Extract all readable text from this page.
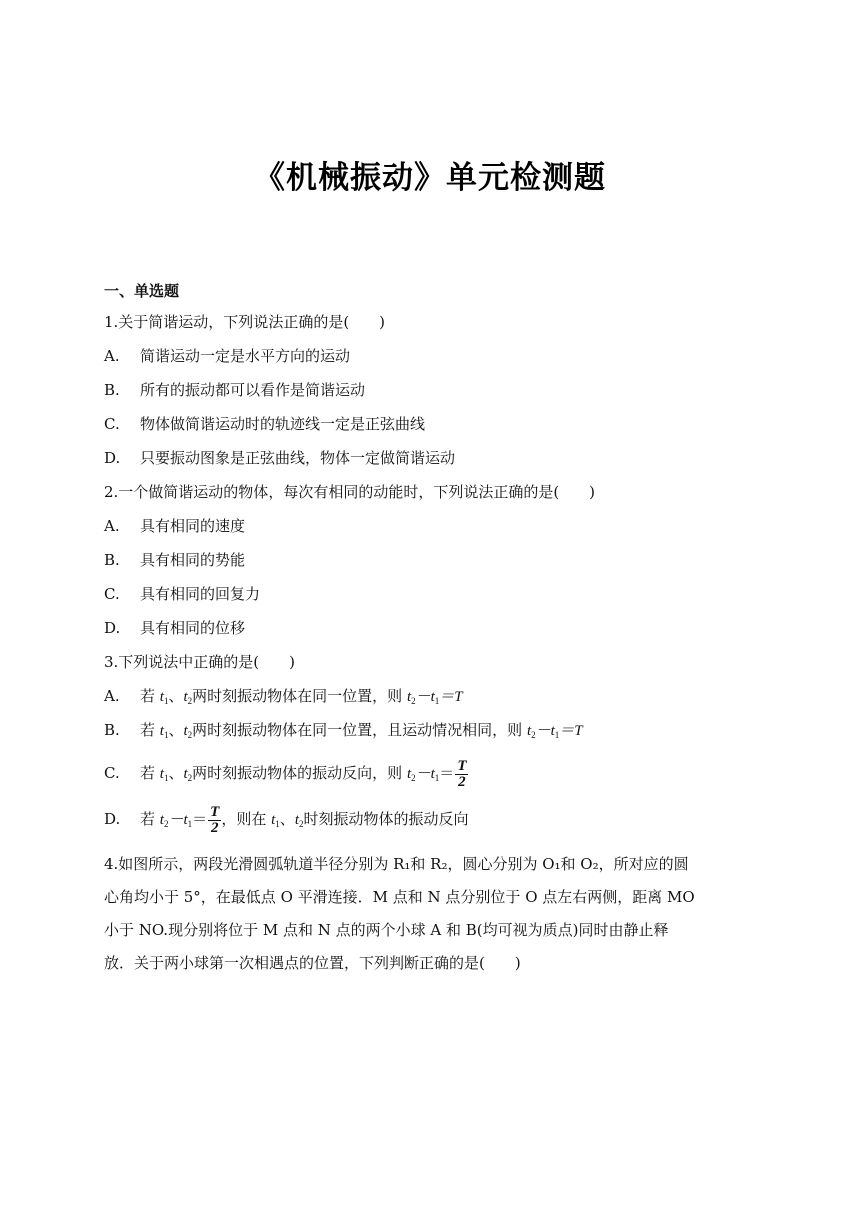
《机械振动》单元检测题
一、单选题
1.关于简谐运动，下列说法正确的是(　　)
A. 简谐运动一定是水平方向的运动
B. 所有的振动都可以看作是简谐运动
C. 物体做简谐运动时的轨迹线一定是正弦曲线
D. 只要振动图象是正弦曲线，物体一定做简谐运动
2.一个做简谐运动的物体，每次有相同的动能时，下列说法正确的是(　　)
A. 具有相同的速度
B. 具有相同的势能
C. 具有相同的回复力
D. 具有相同的位移
3.下列说法中正确的是(　　)
A. 若 $t_1$、$t_2$两时刻振动物体在同一位置，则 $t_2-t_1=T$
B. 若 $t_1$、$t_2$两时刻振动物体在同一位置，且运动情况相同，则 $t_2-t_1=T$
C. 若 $t_1$、$t_2$两时刻振动物体的振动反向，则 $t_2-t_1= \frac{T}{2}$
D. 若 $t_2-t_1= \frac{T}{2}$ ，则在 $t_1$、$t_2$时刻振动物体的振动反向
4.如图所示，两段光滑圆弧轨道半径分别为 R₁和 R₂，圆心分别为 O₁和 O₂，所对应的圆
心角均小于 5°，在最低点 O 平滑连接．M 点和 N 点分别位于 O 点左右两侧，距离 MO
小于 NO.现分别将位于 M 点和 N 点的两个小球 A 和 B(均可视为质点)同时由静止释
放．关于两小球第一次相遇点的位置，下列判断正确的是(　　)
